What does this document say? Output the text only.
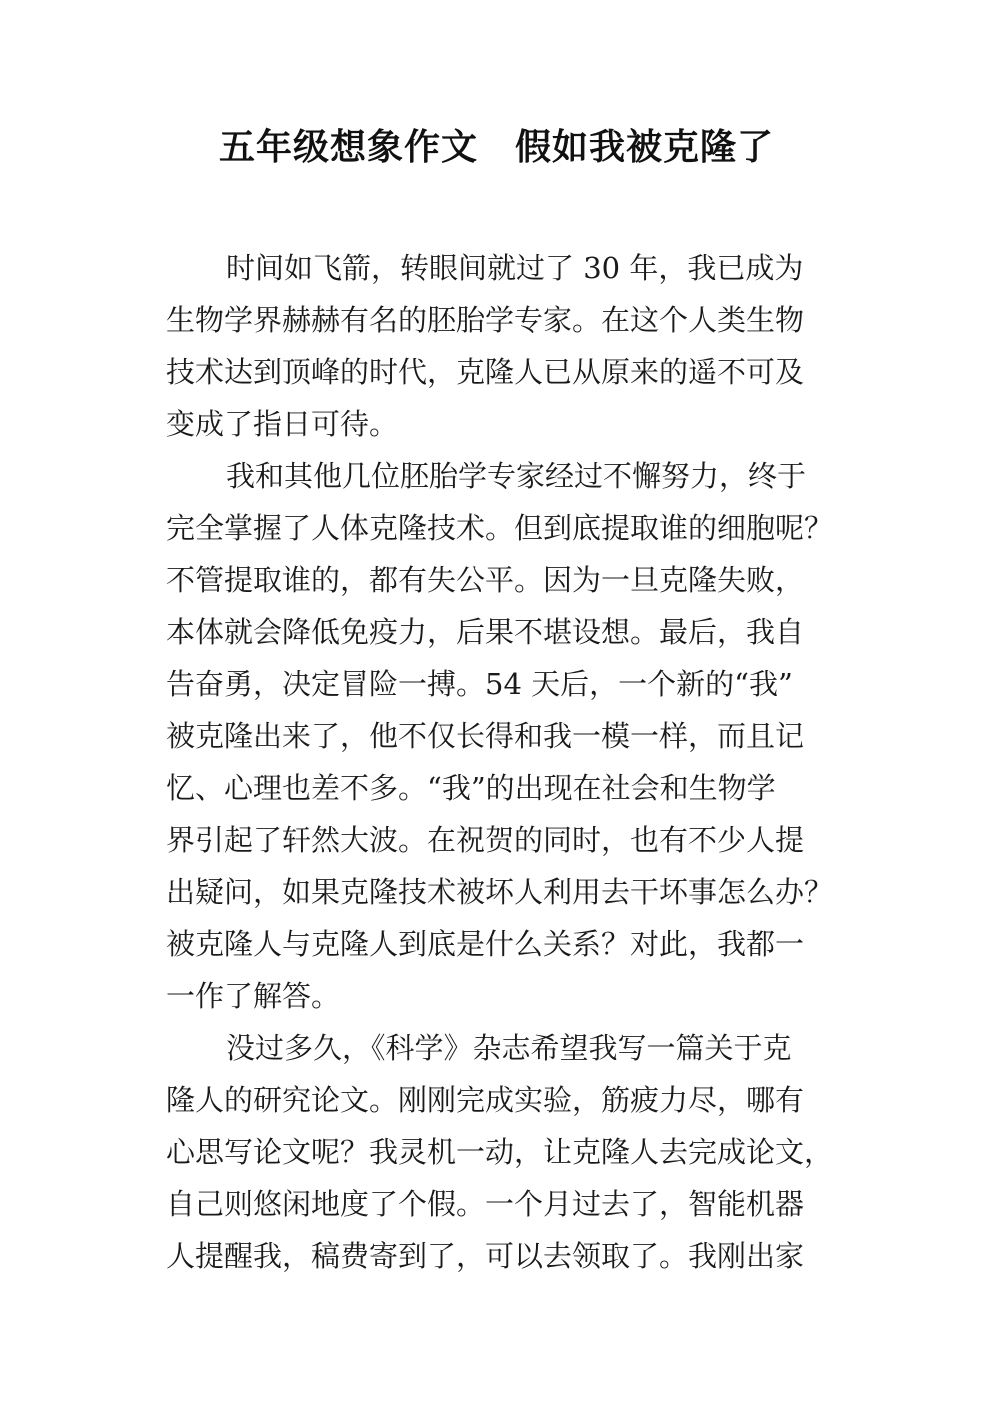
五年级想象作文　假如我被克隆了
时间如飞箭，转眼间就过了 30 年，我已成为
生物学界赫赫有名的胚胎学专家。在这个人类生物
技术达到顶峰的时代，克隆人已从原来的遥不可及
变成了指日可待。
我和其他几位胚胎学专家经过不懈努力，终于
完全掌握了人体克隆技术。但到底提取谁的细胞呢？
不管提取谁的，都有失公平。因为一旦克隆失败，
本体就会降低免疫力，后果不堪设想。最后，我自
告奋勇，决定冒险一搏。54 天后，一个新的“我”
被克隆出来了，他不仅长得和我一模一样，而且记
忆、心理也差不多。“我”的出现在社会和生物学
界引起了轩然大波。在祝贺的同时，也有不少人提
出疑问，如果克隆技术被坏人利用去干坏事怎么办？
被克隆人与克隆人到底是什么关系？对此，我都一
一作了解答。
没过多久，《科学》杂志希望我写一篇关于克
隆人的研究论文。刚刚完成实验，筋疲力尽，哪有
心思写论文呢？我灵机一动，让克隆人去完成论文，
自己则悠闲地度了个假。一个月过去了，智能机器
人提醒我，稿费寄到了，可以去领取了。我刚出家
